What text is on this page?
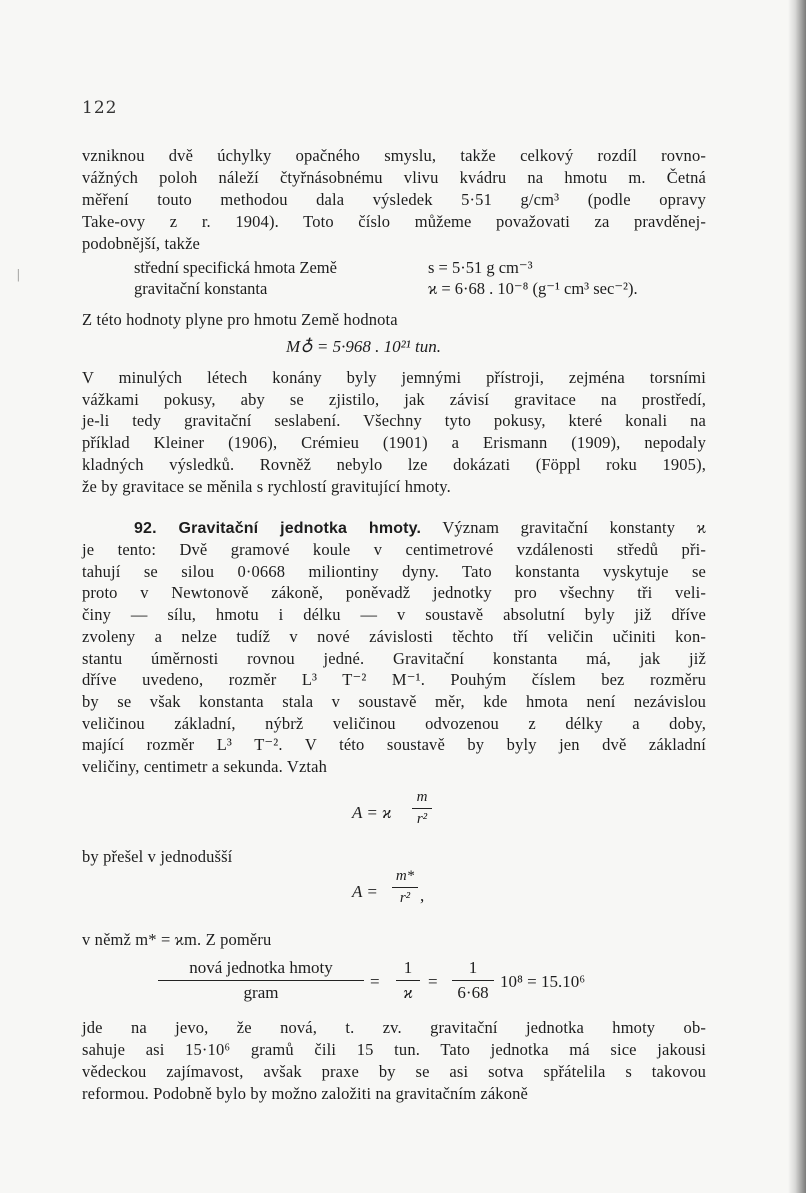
122
ᛁ
vzniknou dvě úchylky opačného smyslu, takže celkový rozdíl rovno-
vážných poloh náleží čtyřnásobnému vlivu kvádru na hmotu m. Četná
měření touto methodou dala výsledek 5·51 g/cm³ (podle opravy
Take-ovy z r. 1904). Toto číslo můžeme považovati za pravděnej-
podobnější, takže
střední specifická hmota Země	s = 5·51 g cm⁻³
gravitační konstanta	ϰ = 6·68 . 10⁻⁸ (g⁻¹ cm³ sec⁻²).
Z této hodnoty plyne pro hmotu Země hodnota
M♁ = 5·968 . 10²¹ tun.
V minulých létech konány byly jemnými přístroji, zejména torsními
vážkami pokusy, aby se zjistilo, jak závisí gravitace na prostředí,
je-li tedy gravitační seslabení. Všechny tyto pokusy, které konali na
příklad Kleiner (1906), Crémieu (1901) a Erismann (1909), nepodaly
kladných výsledků. Rovněž nebylo lze dokázati (Föppl roku 1905),
že by gravitace se měnila s rychlostí gravitující hmoty.
92. Gravitační jednotka hmoty. Význam gravitační konstanty ϰ
je tento: Dvě gramové koule v centimetrové vzdálenosti středů při-
tahují se silou 0·0668 miliontiny dyny. Tato konstanta vyskytuje se
proto v Newtonově zákoně, poněvadž jednotky pro všechny tři veli-
činy — sílu, hmotu i délku — v soustavě absolutní byly již dříve
zvoleny a nelze tudíž v nové závislosti těchto tří veličin učiniti kon-
stantu úměrnosti rovnou jedné. Gravitační konstanta má, jak již
dříve uvedeno, rozměr L³ T⁻² M⁻¹. Pouhým číslem bez rozměru
by se však konstanta stala v soustavě měr, kde hmota není nezávislou
veličinou základní, nýbrž veličinou odvozenou z délky a doby,
mající rozměr L³ T⁻². V této soustavě by byly jen dvě základní
veličiny, centimetr a sekunda. Vztah
A = ϰ
m
r²
by přešel v jednodušší
A =
m*
r² ,
v němž m* = ϰm. Z poměru
nová jednotka hmoty
gram
=
1
ϰ
=
1
6·68
10⁸ = 15.10⁶
jde na jevo, že nová, t. zv. gravitační jednotka hmoty ob-
sahuje asi 15·10⁶ gramů čili 15 tun. Tato jednotka má sice jakousi
vědeckou zajímavost, avšak praxe by se asi sotva spřátelila s takovou
reformou. Podobně bylo by možno založiti na gravitačním zákoně
